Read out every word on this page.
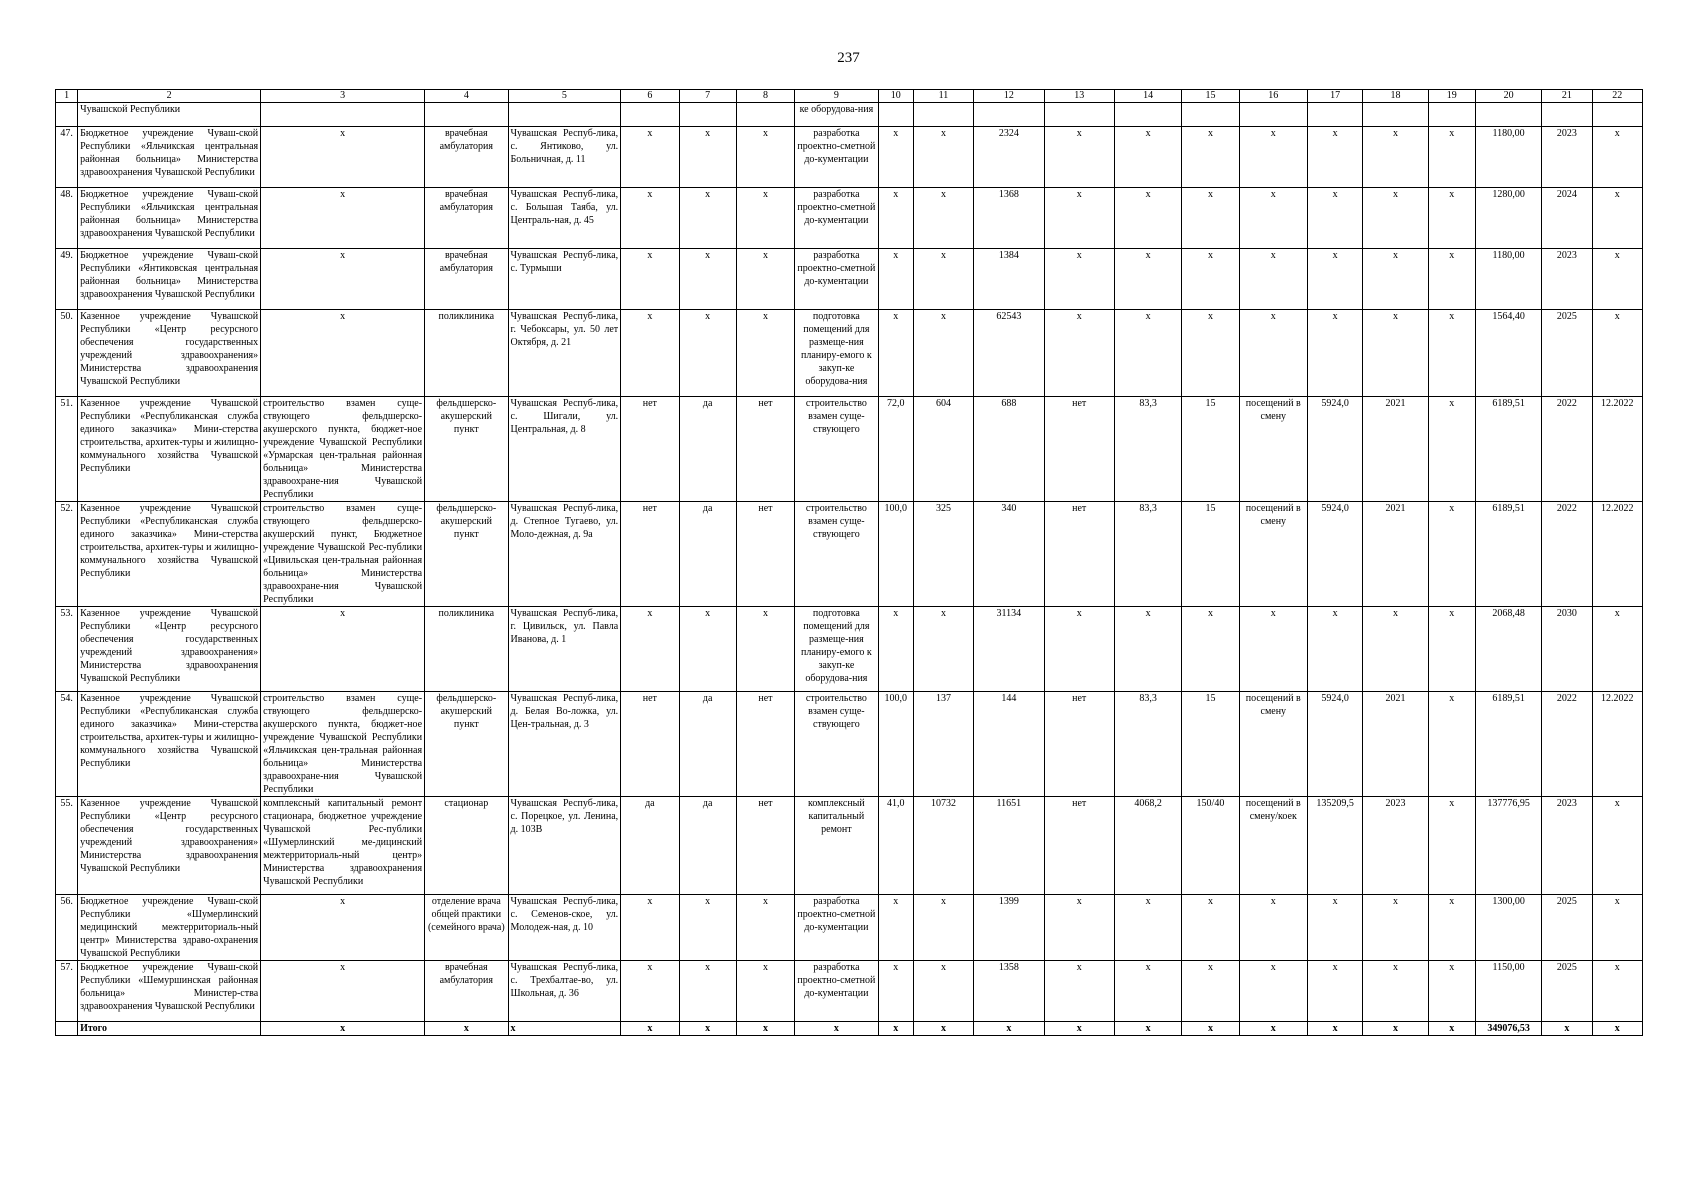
237
1	2	3	4	5	6	7	8	9	10	11	12	13	14	15	16	17	18	19	20	21	22
	Чувашской Республики							ке оборудова-ния													
47.	Бюджетное учреждение Чуваш-ской Республики «Яльчикская центральная районная больница» Министерства здравоохранения Чувашской Республики	x	врачебная амбулатория	Чувашская Респуб-лика, с. Янтиково, ул. Больничная, д. 11	x	x	x	разработка проектно-сметной до-кументации	x	x	2324	x	x	x	x	x	x	x	1180,00	2023	x
48.	Бюджетное учреждение Чуваш-ской Республики «Яльчикская центральная районная больница» Министерства здравоохранения Чувашской Республики	x	врачебная амбулатория	Чувашская Респуб-лика, с. Большая Таяба, ул. Централь-ная, д. 45	x	x	x	разработка проектно-сметной до-кументации	x	x	1368	x	x	x	x	x	x	x	1280,00	2024	x
49.	Бюджетное учреждение Чуваш-ской Республики «Янтиковская центральная районная больница» Министерства здравоохранения Чувашской Республики	x	врачебная амбулатория	Чувашская Респуб-лика, с. Турмыши	x	x	x	разработка проектно-сметной до-кументации	x	x	1384	x	x	x	x	x	x	x	1180,00	2023	x
50.	Казенное учреждение Чувашской Республики «Центр ресурсного обеспечения государственных учреждений здравоохранения» Министерства здравоохранения Чувашской Республики	x	поликлиника	Чувашская Респуб-лика, г. Чебоксары, ул. 50 лет Октября, д. 21	x	x	x	подготовка помещений для размеще-ния планиру-емого к закуп-ке оборудова-ния	x	x	62543	x	x	x	x	x	x	x	1564,40	2025	x
51.	Казенное учреждение Чувашской Республики «Республиканская служба единого заказчика» Мини-стерства строительства, архитек-туры и жилищно-коммунального хозяйства Чувашской Республики	строительство взамен суще-ствующего фельдшерско-акушерского пункта, бюджет-ное учреждение Чувашской Республики «Урмарская цен-тральная районная больница» Министерства здравоохране-ния Чувашской Республики	фельдшерско-акушерский пункт	Чувашская Респуб-лика, с. Шигали, ул. Центральная, д. 8	нет	да	нет	строительство взамен суще-ствующего	72,0	604	688	нет	83,3	15	посещений в смену	5924,0	2021	x	6189,51	2022	12.2022
52.	Казенное учреждение Чувашской Республики «Республиканская служба единого заказчика» Мини-стерства строительства, архитек-туры и жилищно-коммунального хозяйства Чувашской Республики	строительство взамен суще-ствующего фельдшерско-акушерский пункт, Бюджетное учреждение Чувашской Рес-публики «Цивильская цен-тральная районная больница» Министерства здравоохране-ния Чувашской Республики	фельдшерско-акушерский пункт	Чувашская Респуб-лика, д. Степное Тугаево, ул. Моло-дежная, д. 9а	нет	да	нет	строительство взамен суще-ствующего	100,0	325	340	нет	83,3	15	посещений в смену	5924,0	2021	x	6189,51	2022	12.2022
53.	Казенное учреждение Чувашской Республики «Центр ресурсного обеспечения государственных учреждений здравоохранения» Министерства здравоохранения Чувашской Республики	x	поликлиника	Чувашская Респуб-лика, г. Цивильск, ул. Павла Иванова, д. 1	x	x	x	подготовка помещений для размеще-ния планиру-емого к закуп-ке оборудова-ния	x	x	31134	x	x	x	x	x	x	x	2068,48	2030	x
54.	Казенное учреждение Чувашской Республики «Республиканская служба единого заказчика» Мини-стерства строительства, архитек-туры и жилищно-коммунального хозяйства Чувашской Республики	строительство взамен суще-ствующего фельдшерско-акушерского пункта, бюджет-ное учреждение Чувашской Республики «Яльчикская цен-тральная районная больница» Министерства здравоохране-ния Чувашской Республики	фельдшерско-акушерский пункт	Чувашская Респуб-лика, д. Белая Во-ложка, ул. Цен-тральная, д. 3	нет	да	нет	строительство взамен суще-ствующего	100,0	137	144	нет	83,3	15	посещений в смену	5924,0	2021	x	6189,51	2022	12.2022
55.	Казенное учреждение Чувашской Республики «Центр ресурсного обеспечения государственных учреждений здравоохранения» Министерства здравоохранения Чувашской Республики	комплексный капитальный ремонт стационара, бюджетное учреждение Чувашской Рес-публики «Шумерлинский ме-дицинский межтерриториаль-ный центр» Министерства здравоохранения Чувашской Республики	стационар	Чувашская Респуб-лика, с. Порецкое, ул. Ленина, д. 103В	да	да	нет	комплексный капитальный ремонт	41,0	10732	11651	нет	4068,2	150/40	посещений в смену/коек	135209,5	2023	x	137776,95	2023	x
56.	Бюджетное учреждение Чуваш-ской Республики «Шумерлинский медицинский межтерриториаль-ный центр» Министерства здраво-охранения Чувашской Республики	x	отделение врача общей практики (семейного врача)	Чувашская Респуб-лика, с. Семенов-ское, ул. Молодеж-ная, д. 10	x	x	x	разработка проектно-сметной до-кументации	x	x	1399	x	x	x	x	x	x	x	1300,00	2025	x
57.	Бюджетное учреждение Чуваш-ской Республики «Шемуршинская районная больница» Министер-ства здравоохранения Чувашской Республики	x	врачебная амбулатория	Чувашская Респуб-лика, с. Трехбалтае-во, ул. Школьная, д. 36	x	x	x	разработка проектно-сметной до-кументации	x	x	1358	x	x	x	x	x	x	x	1150,00	2025	x
	Итого	x	x	x	x	x	x	x	x	x	x	x	x	x	x	x	x	x	349076,53	x	x
